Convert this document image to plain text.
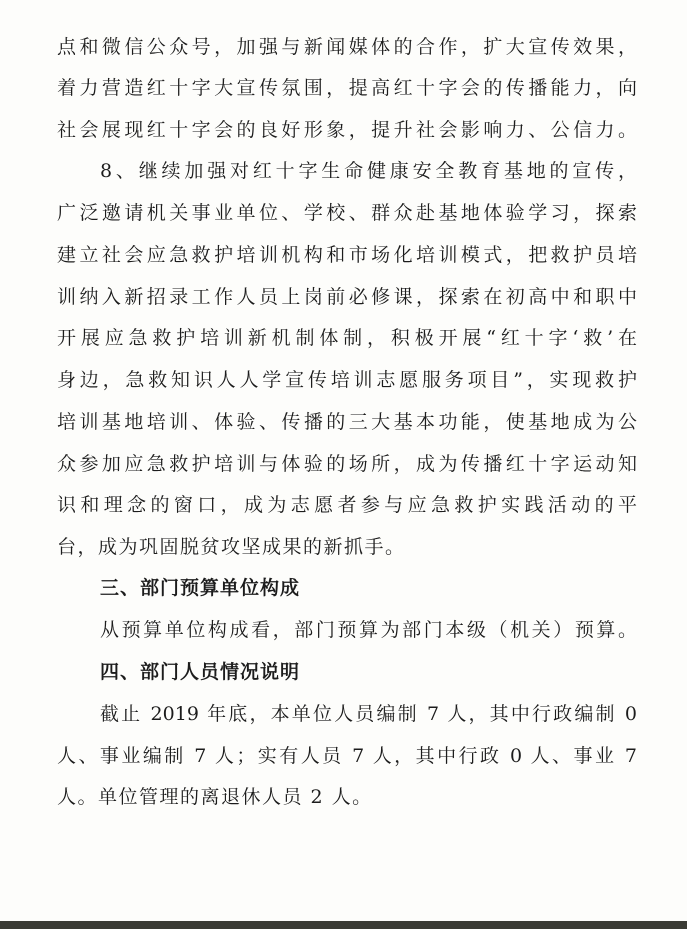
点和微信公众号，加强与新闻媒体的合作，扩大宣传效果，
着力营造红十字大宣传氛围，提高红十字会的传播能力，向
社会展现红十字会的良好形象，提升社会影响力、公信力。
8、继续加强对红十字生命健康安全教育基地的宣传，
广泛邀请机关事业单位、学校、群众赴基地体验学习，探索
建立社会应急救护培训机构和市场化培训模式，把救护员培
训纳入新招录工作人员上岗前必修课，探索在初高中和职中
开展应急救护培训新机制体制，积极开展“红十字‘救’在
身边，急救知识人人学宣传培训志愿服务项目”，实现救护
培训基地培训、体验、传播的三大基本功能，使基地成为公
众参加应急救护培训与体验的场所，成为传播红十字运动知
识和理念的窗口，成为志愿者参与应急救护实践活动的平
台，成为巩固脱贫攻坚成果的新抓手。
三、部门预算单位构成
从预算单位构成看，部门预算为部门本级（机关）预算。
四、部门人员情况说明
截止 2019 年底，本单位人员编制 7 人，其中行政编制 0
人、事业编制 7 人；实有人员 7 人，其中行政 0 人、事业 7
人。单位管理的离退休人员 2 人。
